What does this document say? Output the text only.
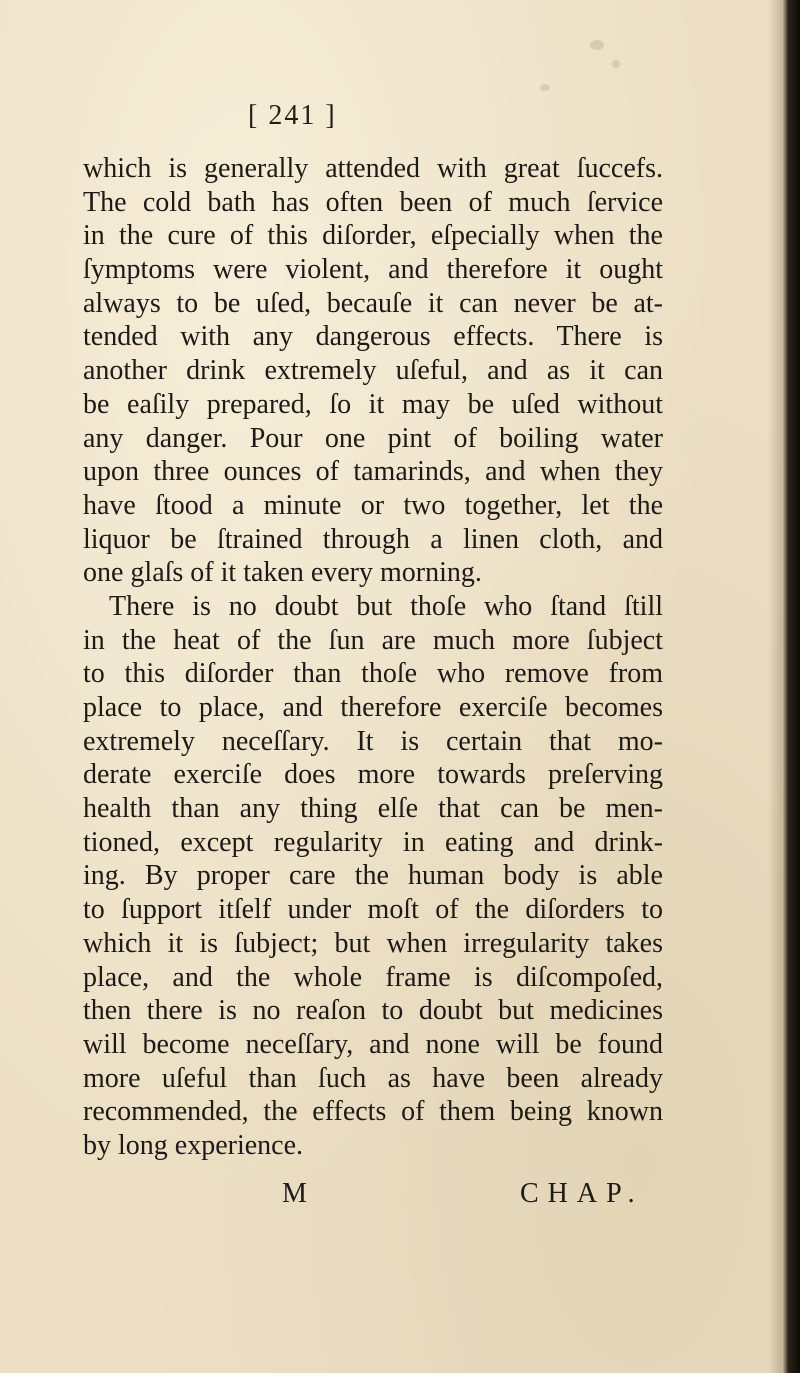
[ 241 ]
which is generally attended with great ſuccefs.
The cold bath has often been of much ſervice
in the cure of this diſorder, eſpecially when the
ſymptoms were violent, and therefore it ought
always to be uſed, becauſe it can never be at-
tended with any dangerous effects. There is
another drink extremely uſeful, and as it can
be eaſily prepared, ſo it may be uſed without
any danger. Pour one pint of boiling water
upon three ounces of tamarinds, and when they
have ſtood a minute or two together, let the
liquor be ſtrained through a linen cloth, and
one glaſs of it taken every morning.
There is no doubt but thoſe who ſtand ſtill
in the heat of the ſun are much more ſubject
to this diſorder than thoſe who remove from
place to place, and therefore exerciſe becomes
extremely neceſſary. It is certain that mo-
derate exerciſe does more towards preſerving
health than any thing elſe that can be men-
tioned, except regularity in eating and drink-
ing. By proper care the human body is able
to ſupport itſelf under moſt of the diſorders to
which it is ſubject; but when irregularity takes
place, and the whole frame is diſcompoſed,
then there is no reaſon to doubt but medicines
will become neceſſary, and none will be found
more uſeful than ſuch as have been already
recommended, the effects of them being known
by long experience.
M	CHAP.
